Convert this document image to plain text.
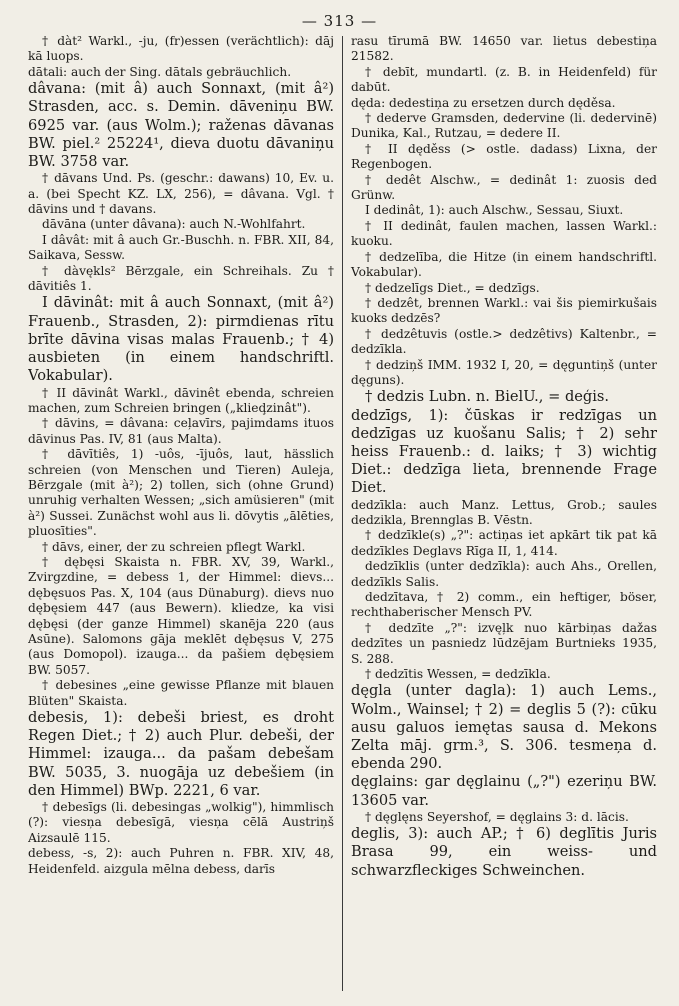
— 313 —

† dàt² Warkl., -ju, (fr)essen (verächtlich): dāj kā luops.

dātali: auch der Sing. dātals gebräuchlich.

dâvana: (mit â) auch Sonnaxt, (mit â²) Strasden, acc. s. Demin. dāveniņu BW. 6925 var. (aus Wolm.); raženas dāvanas BW. piel.² 25224¹, dieva duotu dāvaniņu BW. 3758 var.

† dāvans Und. Ps. (geschr.: dawans) 10, Ev. u. a. (bei Specht KZ. LX, 256), = dâvana. Vgl. † dāvins und † davans.

dāvāna (unter dâvana): auch N.-Wohlfahrt.

I dâvât: mit â auch Gr.-Buschh. n. FBR. XII, 84, Saikava, Sessw.

† dàvękls² Bērzgale, ein Schreihals. Zu † dāvitiês 1.

I dāvinât: mit â auch Sonnaxt, (mit â²) Frauenb., Strasden, 2): pirmdienas rītu brīte dāvina visas malas Frauenb.; † 4) ausbieten (in einem handschriftl. Vokabular).

† II dāvinât Warkl., dāvinêt ebenda, schreien machen, zum Schreien bringen („klieḑzinât").

† dāvins, = dâvana: ceļavīrs, pajimdams ituos dāvinus Pas. IV, 81 (aus Malta).

† dāvītiês, 1) -uôs, -ījuôs, laut, hässlich schreien (von Menschen und Tieren) Auleja, Bērzgale (mit à²); 2) tollen, sich (ohne Grund) unruhig verhalten Wessen; „sich amüsieren" (mit à²) Sussei. Zunächst wohl aus li. dōvytis „ālēties, pluosīties".

† dāvs, einer, der zu schreien pflegt Warkl.

† dębęsi Skaista n. FBR. XV, 39, Warkl., Zvirgzdine, = debess 1, der Himmel: dievs... dębęsuos Pas. X, 104 (aus Dünaburg). dievs nuo dębęsiem 447 (aus Bewern). kliedze, ka visi dębęsi (der ganze Himmel) skanēja 220 (aus Asūne). Salomons gāja meklēt dębęsus V, 275 (aus Domopol). izauga... da pašiem dębęsiem BW. 5057.

† debesines „eine gewisse Pflanze mit blauen Blüten" Skaista.

debesis, 1): debeši briest, es droht Regen Diet.; † 2) auch Plur. debeši, der Himmel: izauga... da pašam debešam BW. 5035, 3. nuogāja uz debešiem (in den Himmel) BWp. 2221, 6 var.

† debesīgs (li. debesingas „wolkig"), himmlisch (?): viesņa debesīgā, viesņa cēlā Austriņš Aizsaulē 115.

debess, -s, 2): auch Puhren n. FBR. XIV, 48, Heidenfeld. aizgula mēlna debess, darīs

rasu tīrumā BW. 14650 var. lietus debestiņa 21582.

† debīt, mundartl. (z. B. in Heidenfeld) für dabūt.

dęda: dedestiņa zu ersetzen durch dęděsa.

† dederve Gramsden, dedervine (li. dedervinē) Dunika, Kal., Rutzau, = dedere II.

† II dęděss (> ostle. dadass) Lixna, der Regenbogen.

† dedêt Alschw., = dedinât 1: zuosis ded Grünw.

I dedinât, 1): auch Alschw., Sessau, Siuxt.

† II dedinât, faulen machen, lassen Warkl.: kuoku.

† dedzelība, die Hitze (in einem handschriftl. Vokabular).

† dedzelīgs Diet., = dedzīgs.

† dedzêt, brennen Warkl.: vai šis piemirkušais kuoks dedzēs?

† dedzêtuvis (ostle.> dedzêtivs) Kaltenbr., = dedzīkla.

† dedziņš IMM. 1932 I, 20, = dęguntiņš (unter dęguns).

† dedzis Lubn. n. BielU., = deģis.

dedzīgs, 1): čūskas ir redzīgas un dedzīgas uz kuošanu Salis; † 2) sehr heiss Frauenb.: d. laiks; † 3) wichtig Diet.: dedzīga lieta, brennende Frage Diet.

dedzīkla: auch Manz. Lettus, Grob.; saules dedzikla, Brennglas B. Vēstn.

† dedzīkle(s) „?": actiņas iet apkārt tik pat kā dedzīkles Deglavs Rīga II, 1, 414.

dedzīklis (unter dedzīkla): auch Ahs., Orellen, dedzīkls Salis.

dedzītava, † 2) comm., ein heftiger, böser, rechthaberischer Mensch PV.

† dedzīte „?": izvęļk nuo kārbiņas dažas dedzītes un pasniedz lūdzējam Burtnieks 1935, S. 288.

† dedzītis Wessen, = dedzīkla.

dęgla (unter dagla): 1) auch Lems., Wolm., Wainsel; † 2) = deglis 5 (?): cūku ausu galuos iemętas sausa d. Mekons Zelta māj. grm.³, S. 306. tesmeņa d. ebenda 290.

dęglains: gar dęglainu („?") ezeriņu BW. 13605 var.

† dęglęns Seyershof, = dęglains 3: d. lācis.

deglis, 3): auch AP.; † 6) deglītis Juris Brasa 99, ein weiss- und schwarzfleckiges Schweinchen.
